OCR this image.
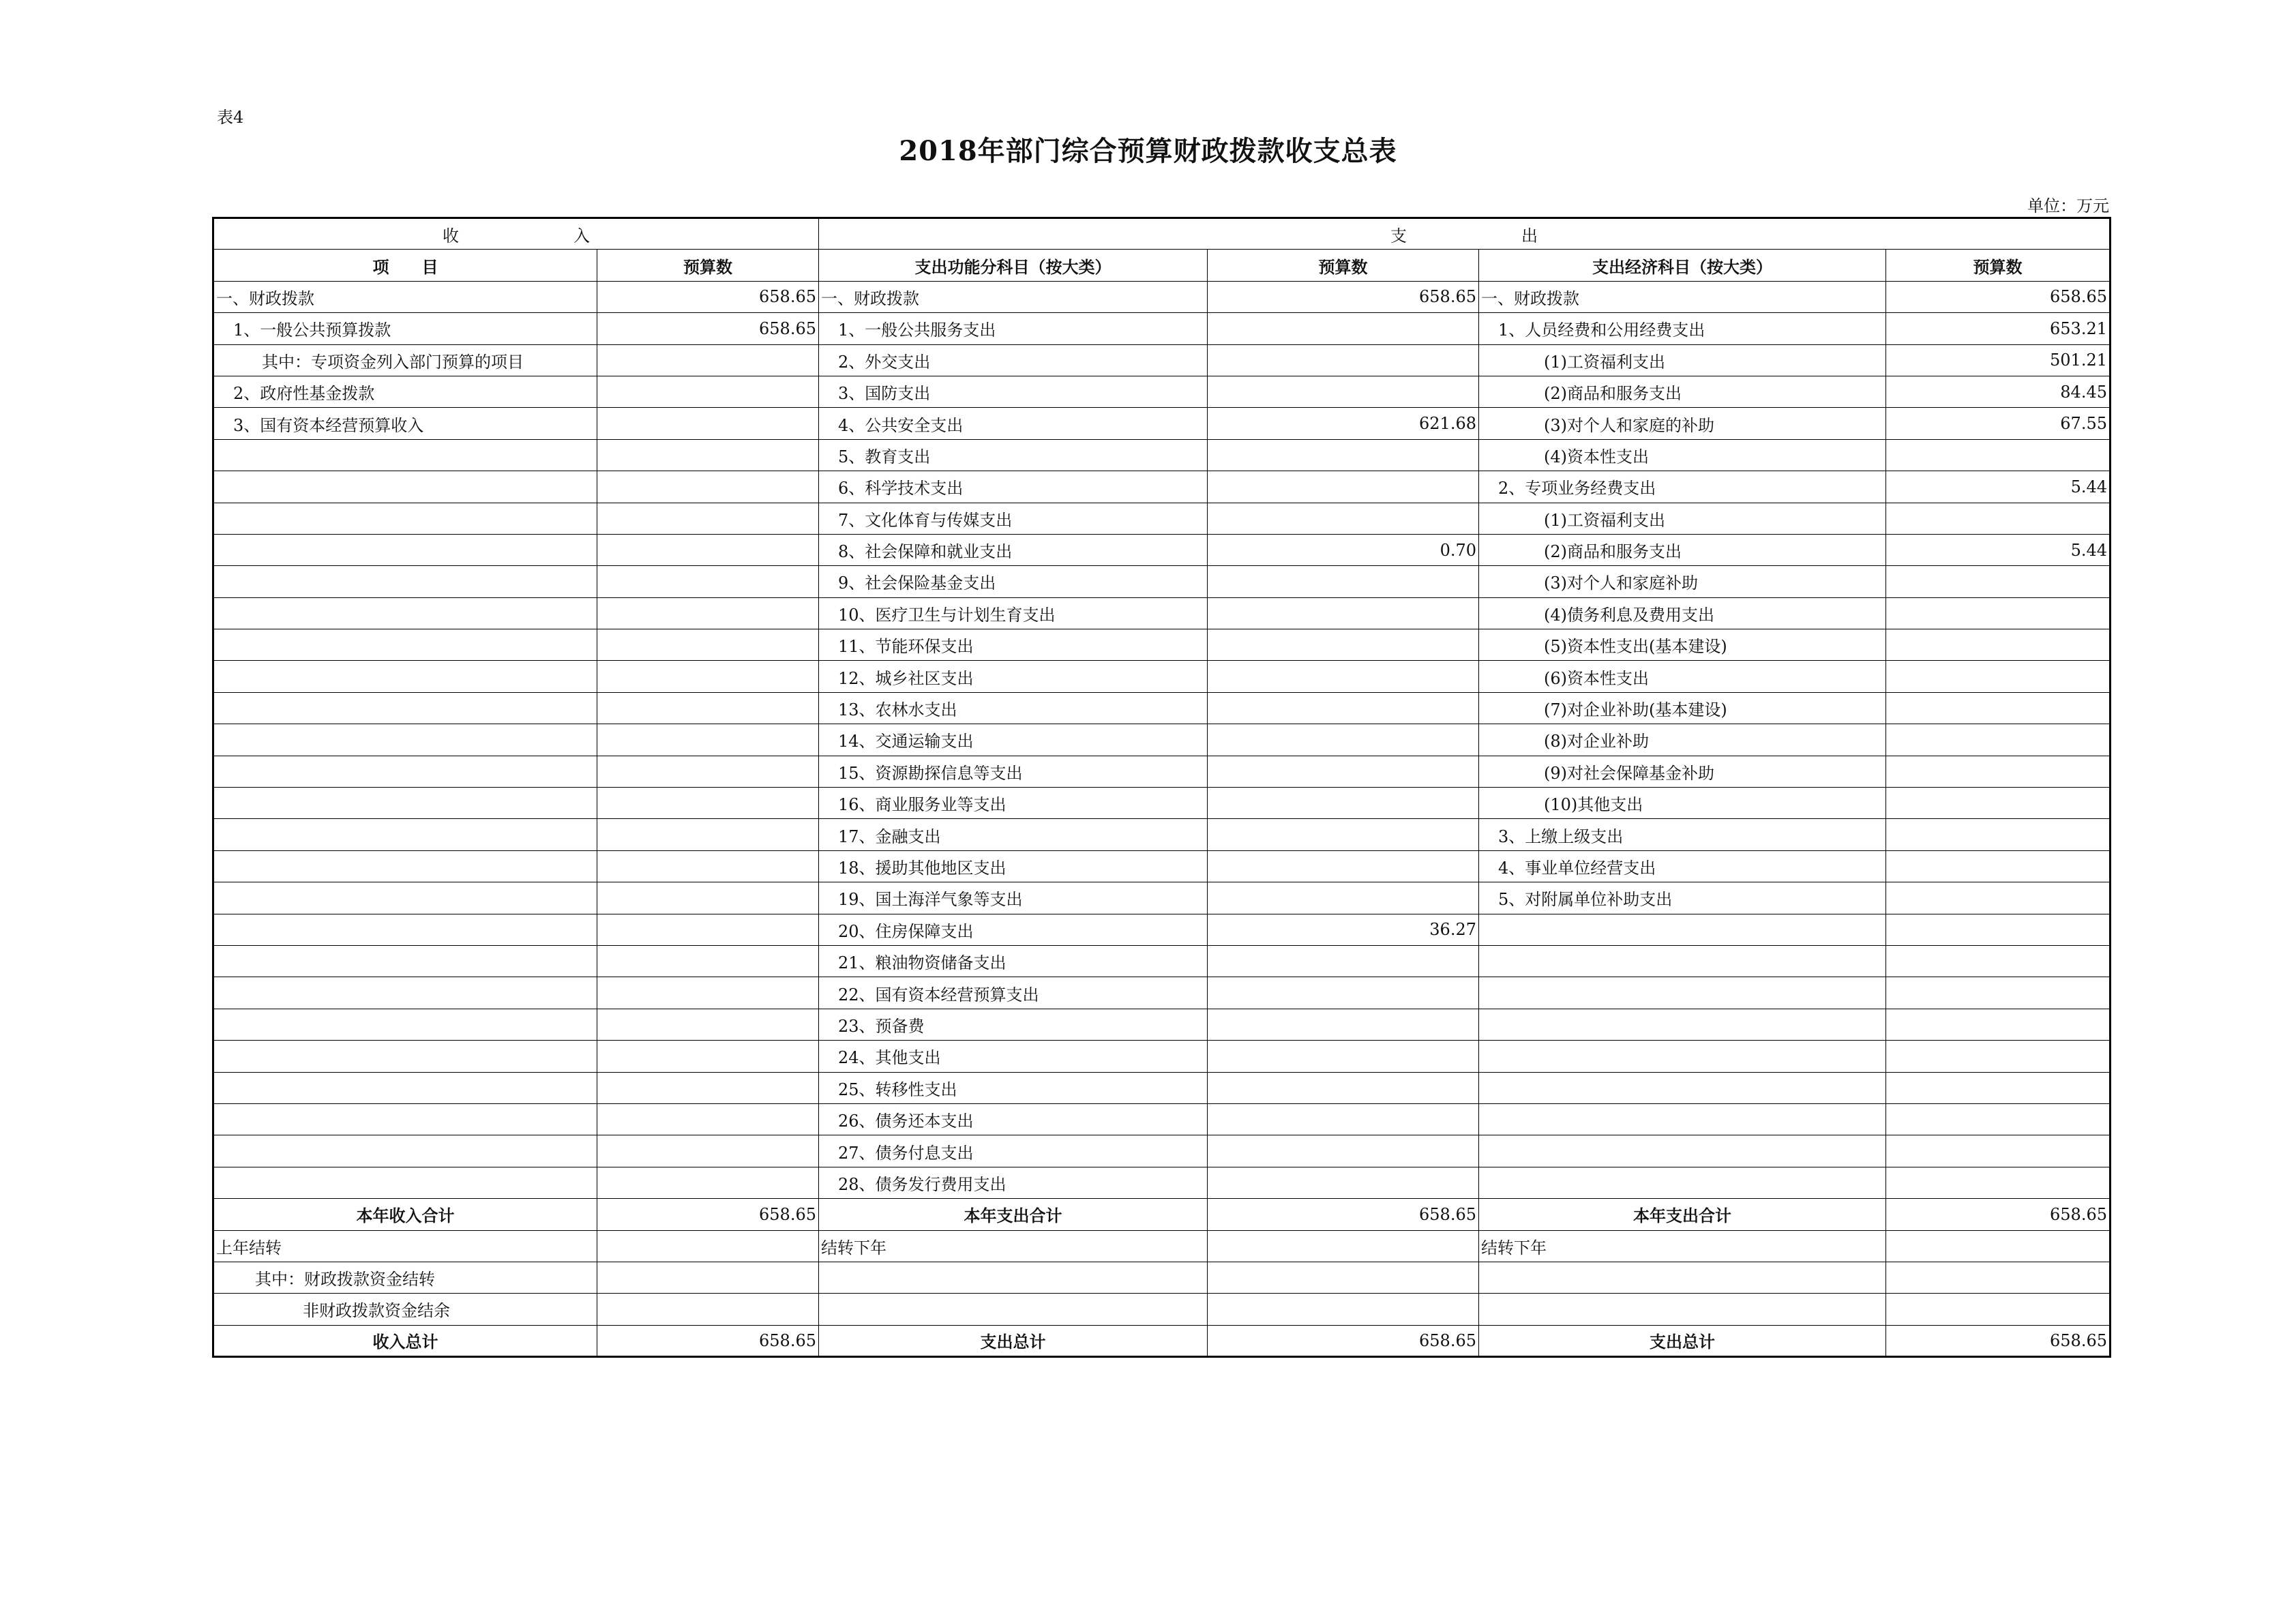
表4
2018年部门综合预算财政拨款收支总表
单位：万元
收　　　　　　　入		支　　　　　　　出			
项　　目	预算数	支出功能分科目（按大类）	预算数	支出经济科目（按大类）	预算数
一、财政拨款	658.65	一、财政拨款	658.65	一、财政拨款	658.65
1、一般公共预算拨款	658.65	1、一般公共服务支出		1、人员经费和公用经费支出	653.21
其中：专项资金列入部门预算的项目		2、外交支出		(1)工资福利支出	501.21
2、政府性基金拨款		3、国防支出		(2)商品和服务支出	84.45
3、国有资本经营预算收入		4、公共安全支出	621.68	(3)对个人和家庭的补助	67.55
		5、教育支出		(4)资本性支出	
		6、科学技术支出		2、专项业务经费支出	5.44
		7、文化体育与传媒支出		(1)工资福利支出	
		8、社会保障和就业支出	0.70	(2)商品和服务支出	5.44
		9、社会保险基金支出		(3)对个人和家庭补助	
		10、医疗卫生与计划生育支出		(4)债务利息及费用支出	
		11、节能环保支出		(5)资本性支出(基本建设)	
		12、城乡社区支出		(6)资本性支出	
		13、农林水支出		(7)对企业补助(基本建设)	
		14、交通运输支出		(8)对企业补助	
		15、资源勘探信息等支出		(9)对社会保障基金补助	
		16、商业服务业等支出		(10)其他支出	
		17、金融支出		3、上缴上级支出	
		18、援助其他地区支出		4、事业单位经营支出	
		19、国土海洋气象等支出		5、对附属单位补助支出	
		20、住房保障支出	36.27		
		21、粮油物资储备支出			
		22、国有资本经营预算支出			
		23、预备费			
		24、其他支出			
		25、转移性支出			
		26、债务还本支出			
		27、债务付息支出			
		28、债务发行费用支出			
本年收入合计	658.65	本年支出合计	658.65	本年支出合计	658.65
上年结转		结转下年		结转下年	
其中：财政拨款资金结转					
非财政拨款资金结余					
收入总计	658.65	支出总计	658.65	支出总计	658.65
